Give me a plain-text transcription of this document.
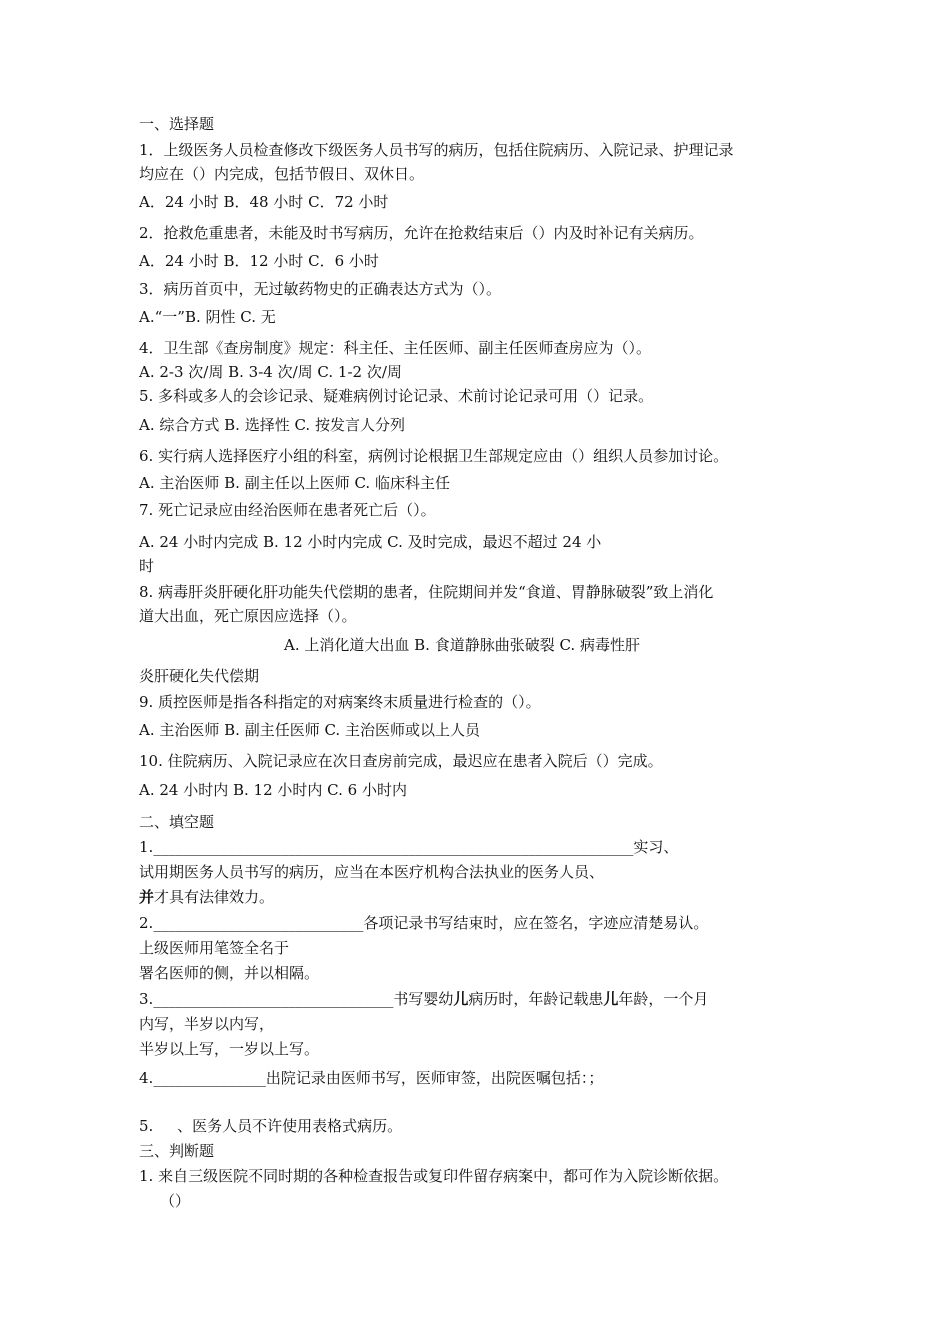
一、选择题

1．上级医务人员检查修改下级医务人员书写的病历，包括住院病历、入院记录、护理记录

均应在（）内完成，包括节假日、双休日。

A．24 小时 B．48 小时 C．72 小时

2．抢救危重患者，未能及时书写病历，允许在抢救结束后（）内及时补记有关病历。

A．24 小时 B．12 小时 C．6 小时

3．病历首页中，无过敏药物史的正确表达方式为（）。

A.“一”B. 阴性 C. 无

4．卫生部《查房制度》规定：科主任、主任医师、副主任医师查房应为（）。

A. 2-3 次/周 B. 3-4 次/周 C. 1-2 次/周

5. 多科或多人的会诊记录、疑难病例讨论记录、术前讨论记录可用（）记录。

A. 综合方式 B. 选择性 C. 按发言人分列

6. 实行病人选择医疗小组的科室，病例讨论根据卫生部规定应由（）组织人员参加讨论。

A. 主治医师 B. 副主任以上医师 C. 临床科主任

7. 死亡记录应由经治医师在患者死亡后（）。

A. 24 小时内完成 B. 12 小时内完成 C. 及时完成，最迟不超过 24 小

时

8. 病毒肝炎肝硬化肝功能失代偿期的患者，住院期间并发“食道、胃静脉破裂”致上消化

道大出血，死亡原因应选择（）。

A. 上消化道大出血 B. 食道静脉曲张破裂 C. 病毒性肝

炎肝硬化失代偿期

9. 质控医师是指各科指定的对病案终末质量进行检查的（）。

A. 主治医师 B. 副主任医师 C. 主治医师或以上人员

10. 住院病历、入院记录应在次日查房前完成，最迟应在患者入院后（）完成。

A. 24 小时内 B. 12 小时内 C. 6 小时内

二、填空题

1.________________________________________________________________实习、

试用期医务人员书写的病历，应当在本医疗机构合法执业的医务人员、

并才具有法律效力。

2.____________________________各项记录书写结束时，应在签名，字迹应清楚易认。

上级医师用笔签全名于

署名医师的侧，并以相隔。

3.________________________________书写婴幼儿病历时，年龄记载患儿年龄，一个月

内写，半岁以内写，

半岁以上写，一岁以上写。

4._______________出院记录由医师书写，医师审签，出院医嘱包括：；

5.     、医务人员不许使用表格式病历。

三、判断题

1. 来自三级医院不同时期的各种检查报告或复印件留存病案中，都可作为入院诊断依据。

（）
